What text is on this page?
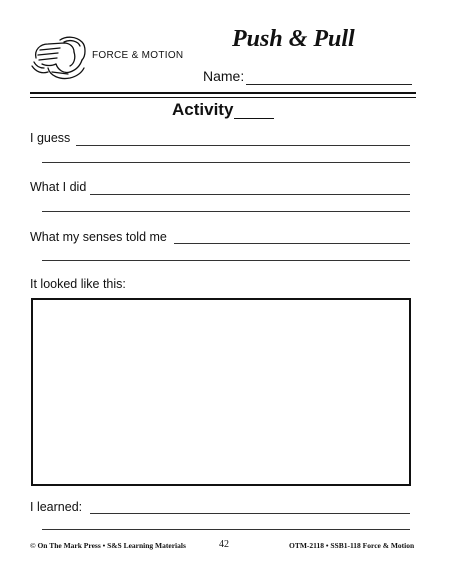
FORCE & MOTION
Push & Pull
Name:
Activity
I guess
What I did
What my senses told me
It looked like this:
I learned:
© On The Mark Press • S&S Learning Materials	42	OTM-2118 • SSB1-118 Force & Motion
